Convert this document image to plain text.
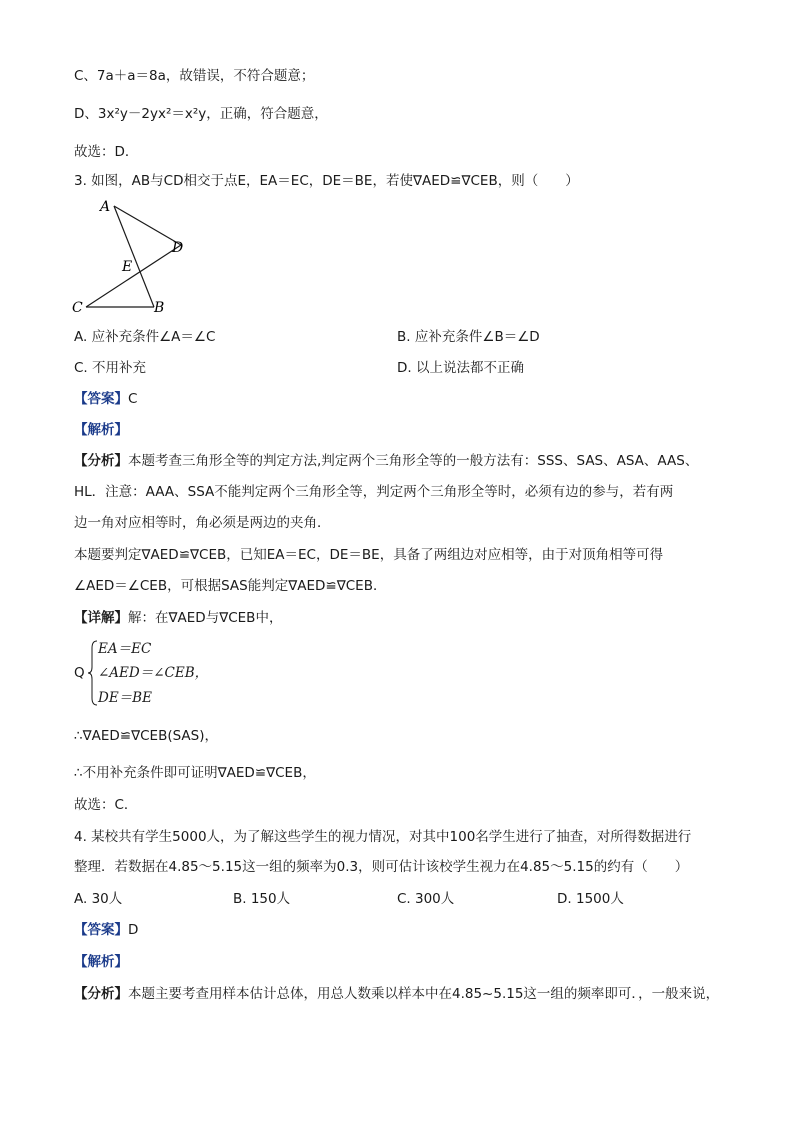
C、7a＋a＝8a，故错误，不符合题意；
D、3x²y－2yx²＝x²y，正确，符合题意，
故选：D．
3. 如图，AB与CD相交于点E，EA＝EC，DE＝BE，若使∇AED≌∇CEB，则（　　）
A
D
E
C	B
A. 应补充条件∠A＝∠C	B. 应补充条件∠B＝∠D
C. 不用补充	D. 以上说法都不正确
【答案】C
【解析】
【分析】本题考查三角形全等的判定方法,判定两个三角形全等的一般方法有：SSS、SAS、ASA、AAS、
HL．注意：AAA、SSA不能判定两个三角形全等，判定两个三角形全等时，必须有边的参与，若有两
边一角对应相等时，角必须是两边的夹角．
本题要判定∇AED≌∇CEB，已知EA＝EC，DE＝BE，具备了两组边对应相等，由于对顶角相等可得
∠AED＝∠CEB，可根据SAS能判定∇AED≌∇CEB．
【详解】解：在∇AED与∇CEB中，
Q
EA＝EC
∠AED＝∠CEB，
DE＝BE
∴∇AED≌∇CEB(SAS)，
∴不用补充条件即可证明∇AED≌∇CEB，
故选：C．
4. 某校共有学生5000人，为了解这些学生的视力情况，对其中100名学生进行了抽查，对所得数据进行
整理．若数据在4.85～5.15这一组的频率为0.3，则可估计该校学生视力在4.85～5.15的约有（　　）
A. 30人	B. 150人	C. 300人	D. 1500人
【答案】D
【解析】
【分析】本题主要考查用样本估计总体，用总人数乘以样本中在4.85~5.15这一组的频率即可．，一般来说，
